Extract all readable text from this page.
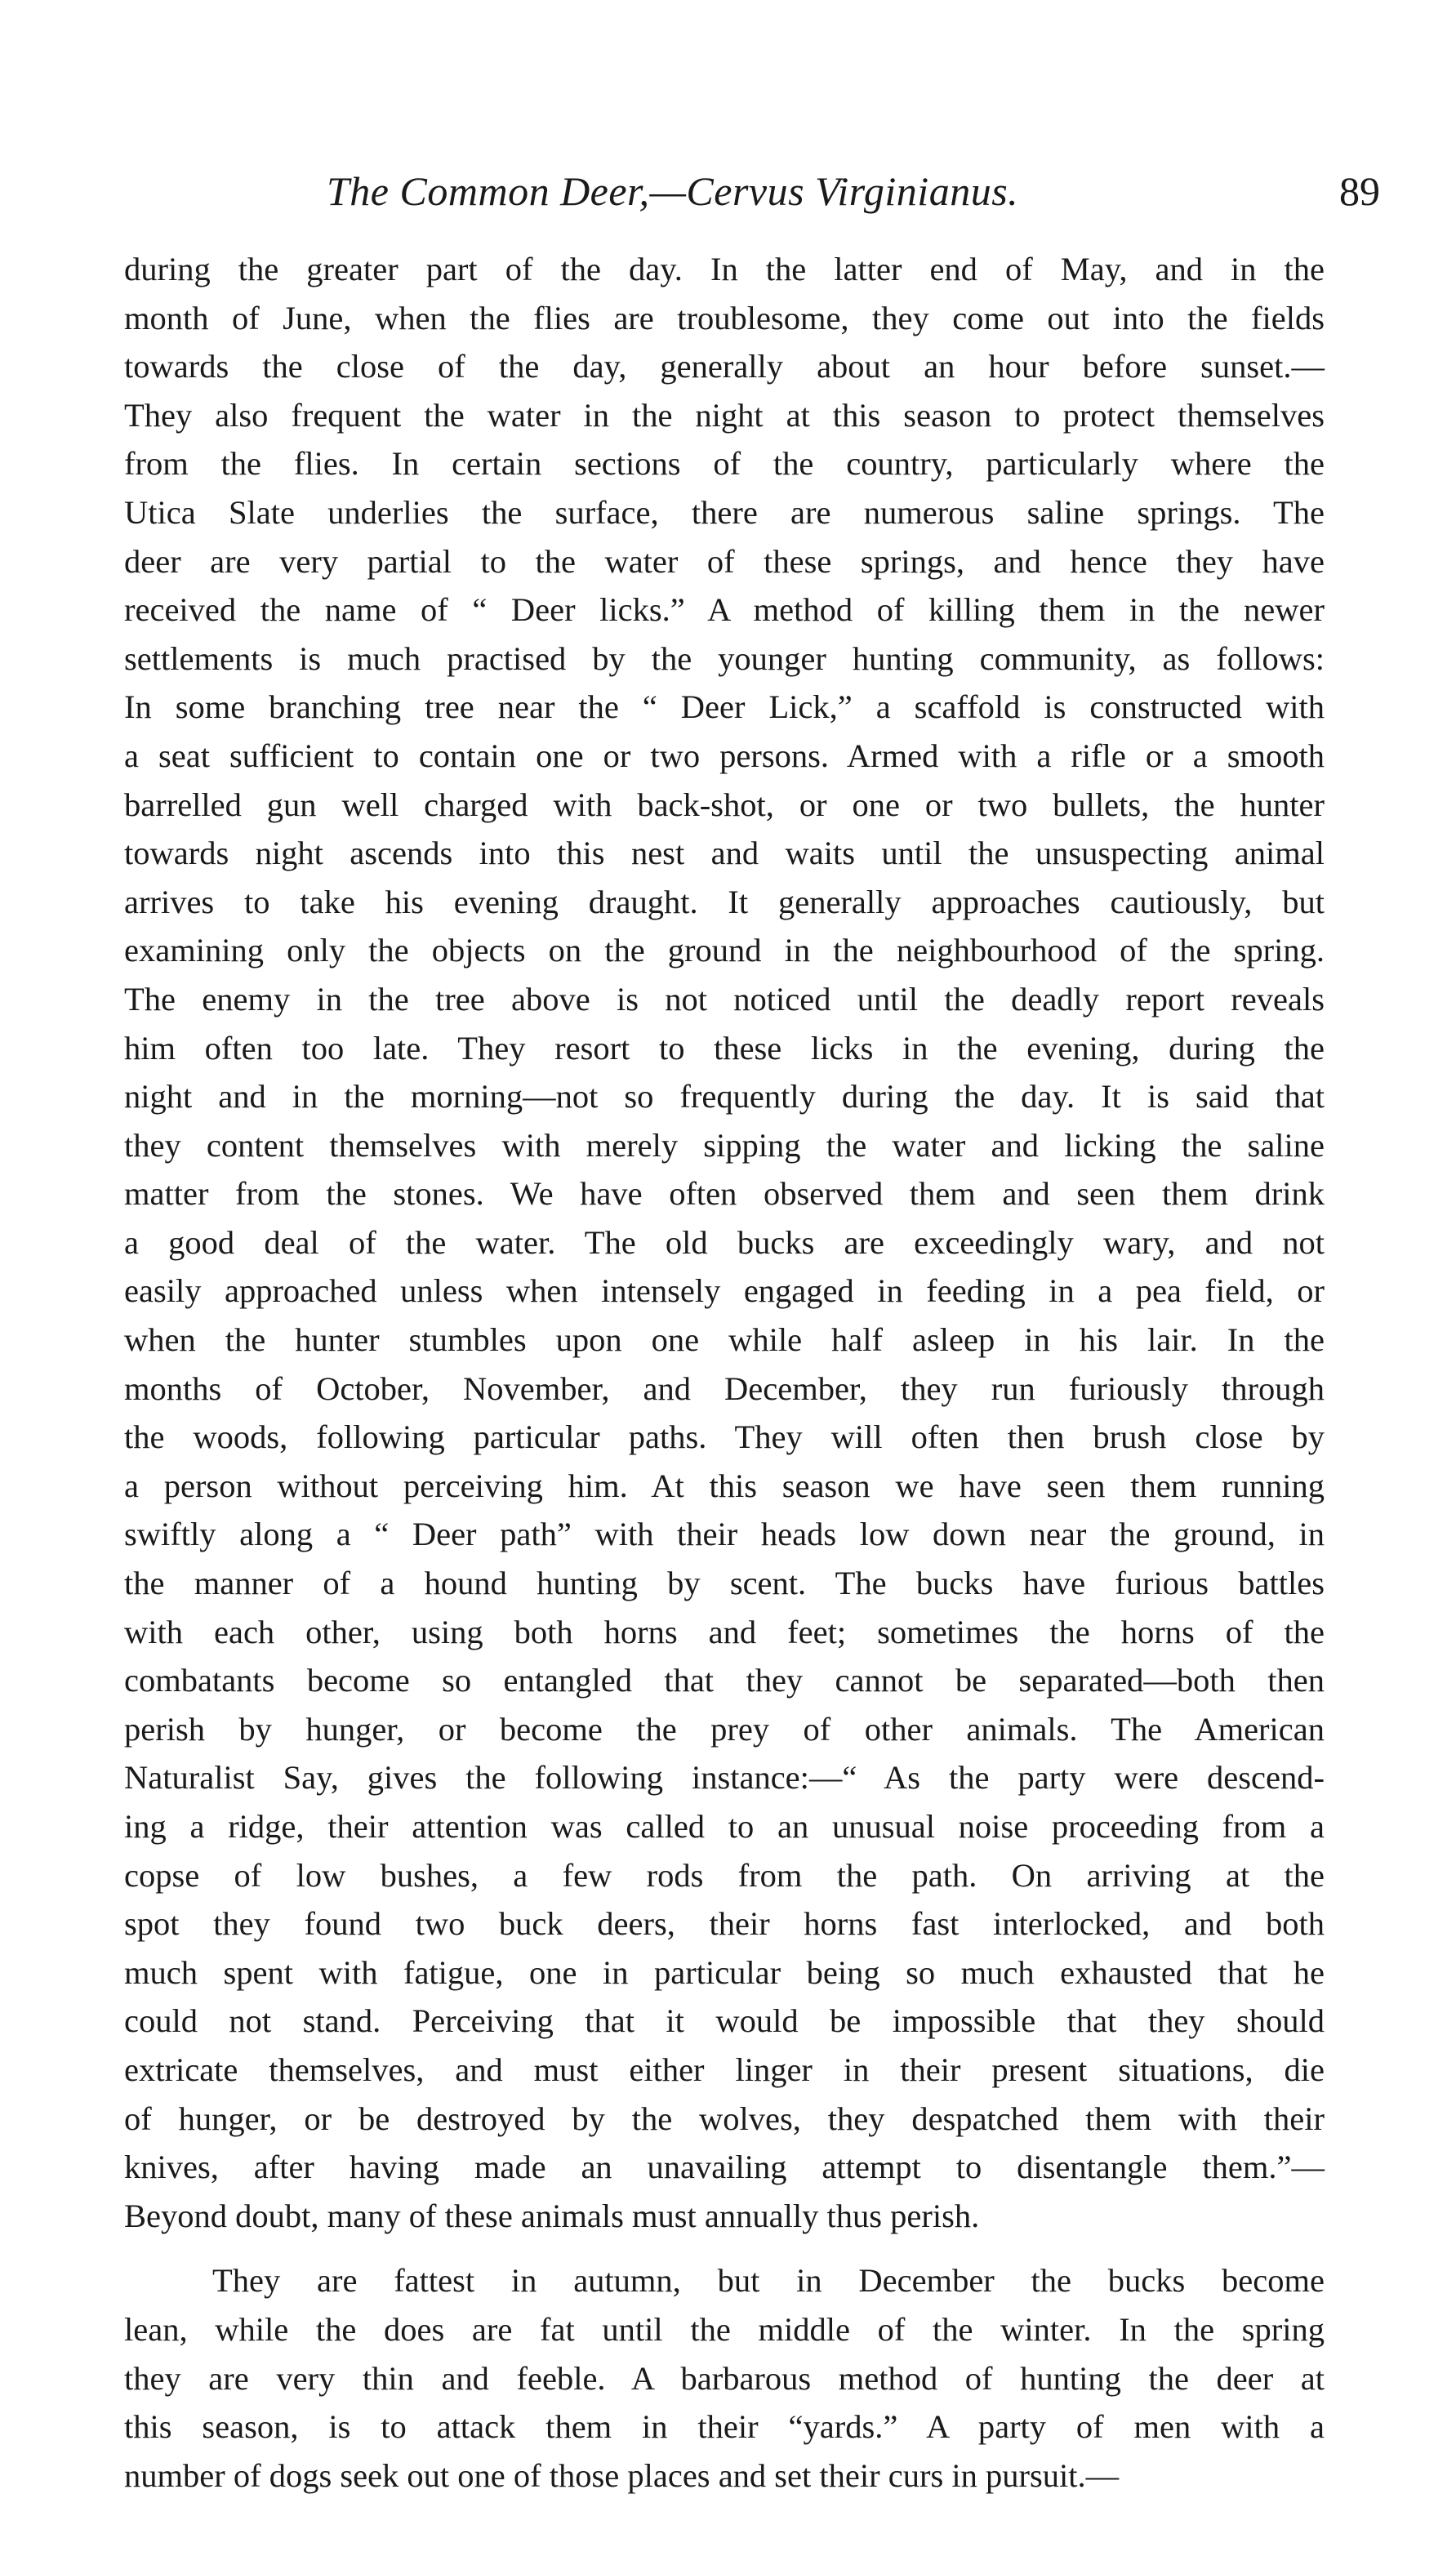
The Common Deer,—Cervus Virginianus.	89
during the greater part of the day. In the latter end of May, and in the
month of June, when the flies are troublesome, they come out into the fields
towards the close of the day, generally about an hour before sunset.—
They also frequent the water in the night at this season to protect themselves
from the flies. In certain sections of the country, particularly where the
Utica Slate underlies the surface, there are numerous saline springs. The
deer are very partial to the water of these springs, and hence they have
received the name of “ Deer licks.” A method of killing them in the newer
settlements is much practised by the younger hunting community, as follows:
In some branching tree near the “ Deer Lick,” a scaffold is constructed with
a seat sufficient to contain one or two persons. Armed with a rifle or a smooth
barrelled gun well charged with back-shot, or one or two bullets, the hunter
towards night ascends into this nest and waits until the unsuspecting animal
arrives to take his evening draught. It generally approaches cautiously, but
examining only the objects on the ground in the neighbourhood of the spring.
The enemy in the tree above is not noticed until the deadly report reveals
him often too late. They resort to these licks in the evening, during the
night and in the morning—not so frequently during the day. It is said that
they content themselves with merely sipping the water and licking the saline
matter from the stones. We have often observed them and seen them drink
a good deal of the water. The old bucks are exceedingly wary, and not
easily approached unless when intensely engaged in feeding in a pea field, or
when the hunter stumbles upon one while half asleep in his lair. In the
months of October, November, and December, they run furiously through
the woods, following particular paths. They will often then brush close by
a person without perceiving him. At this season we have seen them running
swiftly along a “ Deer path” with their heads low down near the ground, in
the manner of a hound hunting by scent. The bucks have furious battles
with each other, using both horns and feet; sometimes the horns of the
combatants become so entangled that they cannot be separated—both then
perish by hunger, or become the prey of other animals. The American
Naturalist Say, gives the following instance:—“ As the party were descend-
ing a ridge, their attention was called to an unusual noise proceeding from a
copse of low bushes, a few rods from the path. On arriving at the
spot they found two buck deers, their horns fast interlocked, and both
much spent with fatigue, one in particular being so much exhausted that he
could not stand. Perceiving that it would be impossible that they should
extricate themselves, and must either linger in their present situations, die
of hunger, or be destroyed by the wolves, they despatched them with their
knives, after having made an unavailing attempt to disentangle them.”—
Beyond doubt, many of these animals must annually thus perish.
They are fattest in autumn, but in December the bucks become
lean, while the does are fat until the middle of the winter. In the spring
they are very thin and feeble. A barbarous method of hunting the deer at
this season, is to attack them in their “yards.” A party of men with a
number of dogs seek out one of those places and set their curs in pursuit.—
